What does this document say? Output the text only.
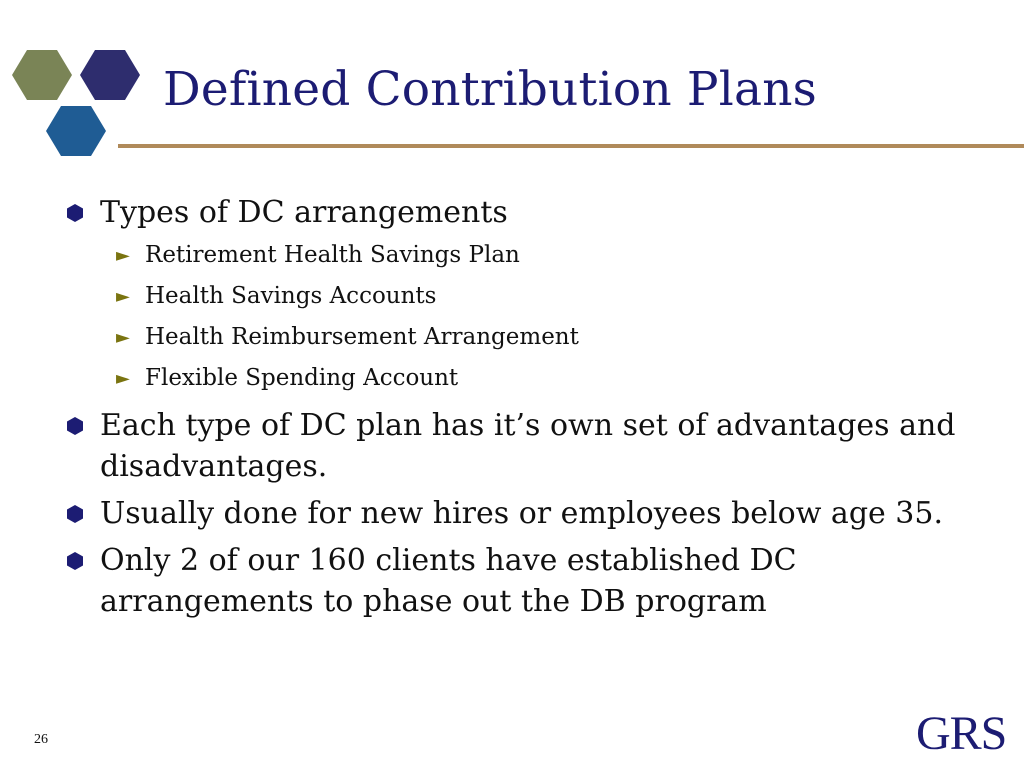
Defined Contribution Plans
Types of DC arrangements
► Retirement Health Savings Plan
► Health Savings Accounts
► Health Reimbursement Arrangement
► Flexible Spending Account
Each type of DC plan has it’s own set of advantages and disadvantages.
Usually done for new hires or employees below age 35.
Only 2 of our 160 clients have established DC arrangements to phase out the DB program
26	GRS
